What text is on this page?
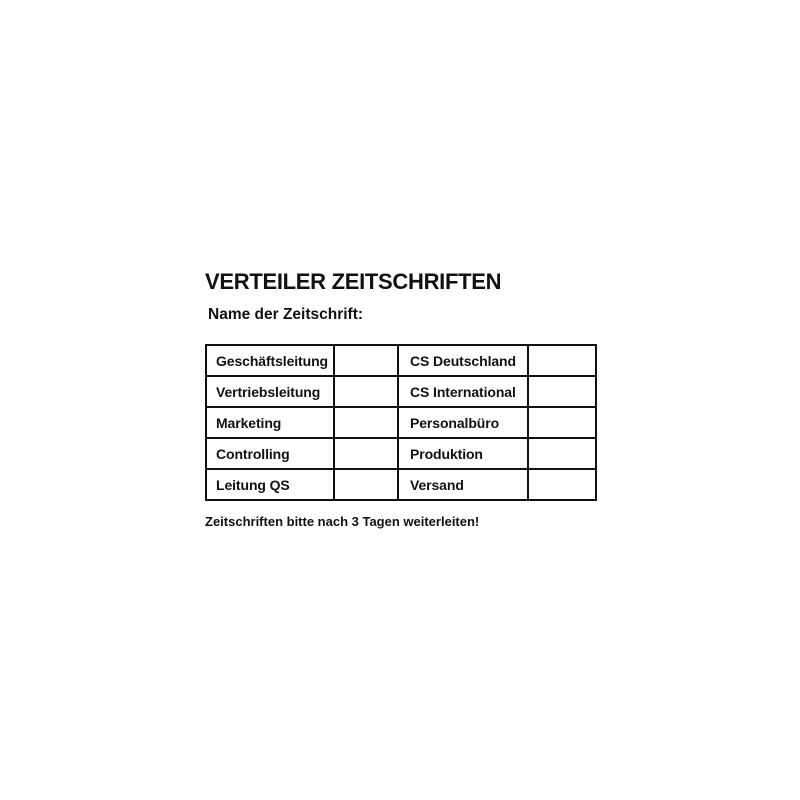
VERTEILER ZEITSCHRIFTEN
Name der Zeitschrift:
Geschäftsleitung		CS Deutschland	
Vertriebsleitung		CS International	
Marketing		Personalbüro	
Controlling		Produktion	
Leitung QS		Versand	
Zeitschriften bitte nach 3 Tagen weiterleiten!
